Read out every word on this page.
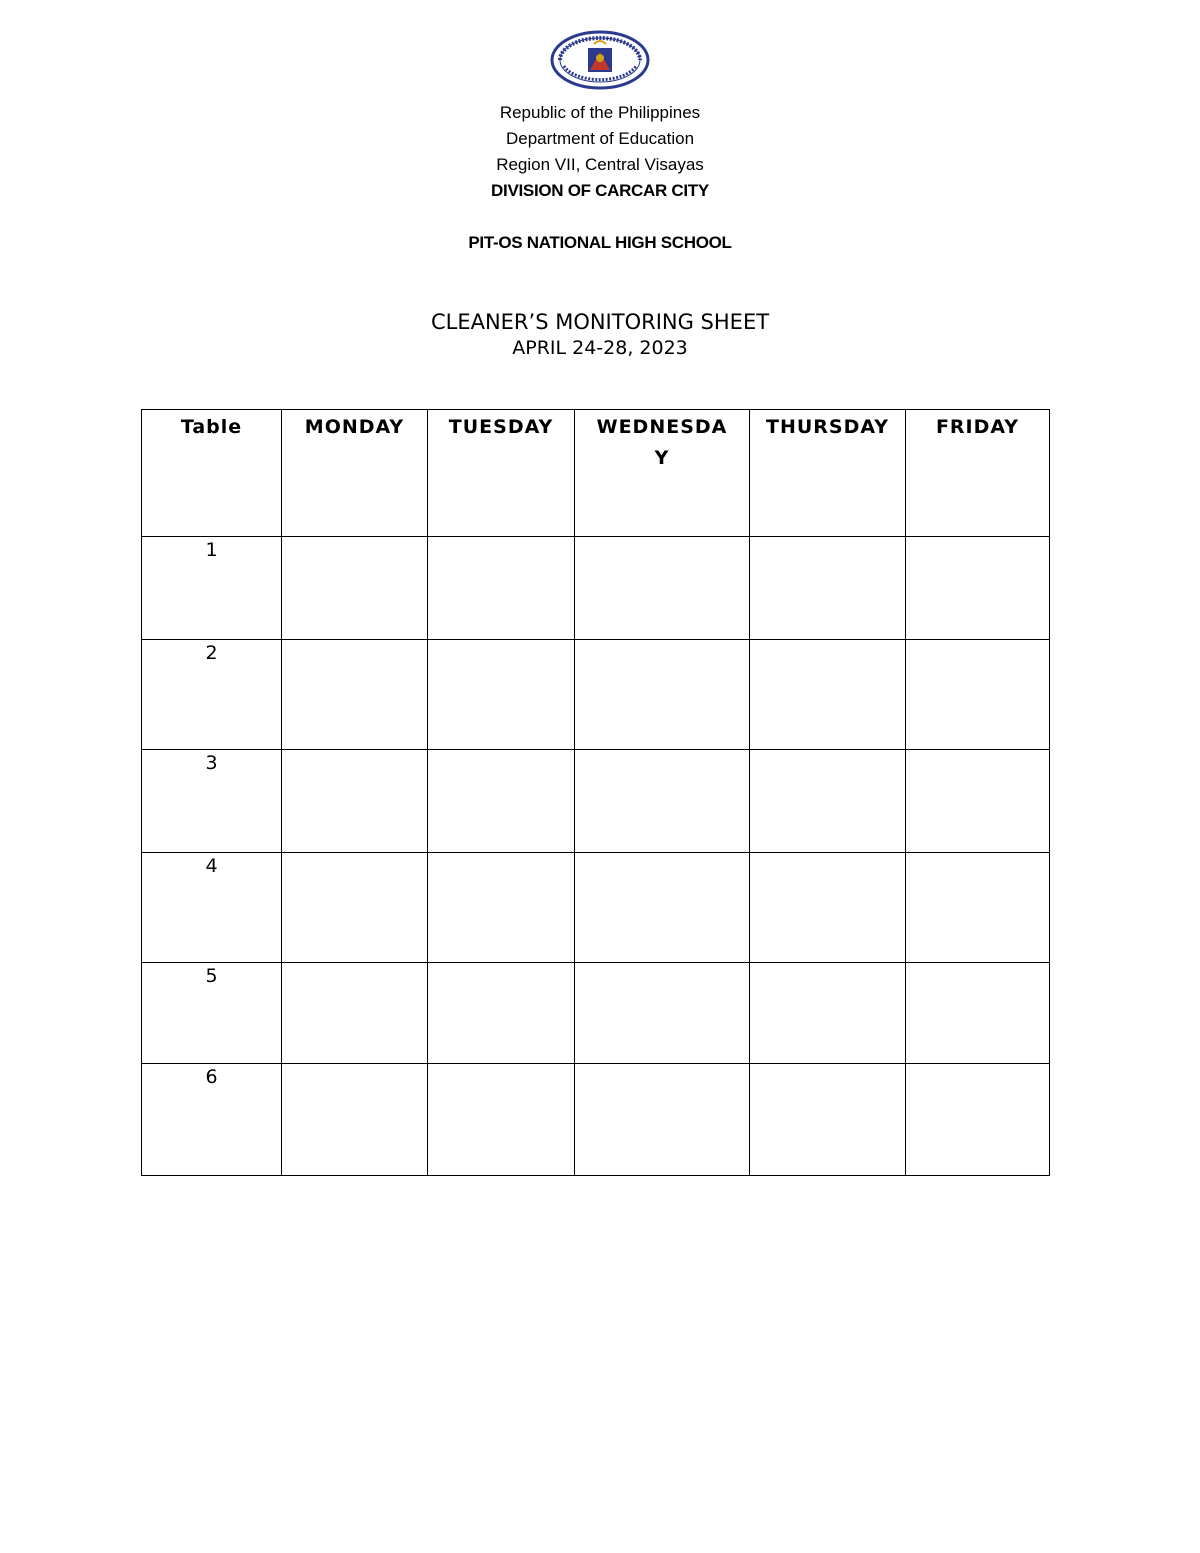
Republic of the Philippines
Department of Education
Region VII, Central Visayas
DIVISION OF CARCAR CITY
PIT-OS NATIONAL HIGH SCHOOL
CLEANER’S MONITORING SHEET
APRIL 24-28, 2023
Table	MONDAY	TUESDAY	WEDNESDAY	THURSDAY	FRIDAY
1					
2					
3					
4					
5					
6					
